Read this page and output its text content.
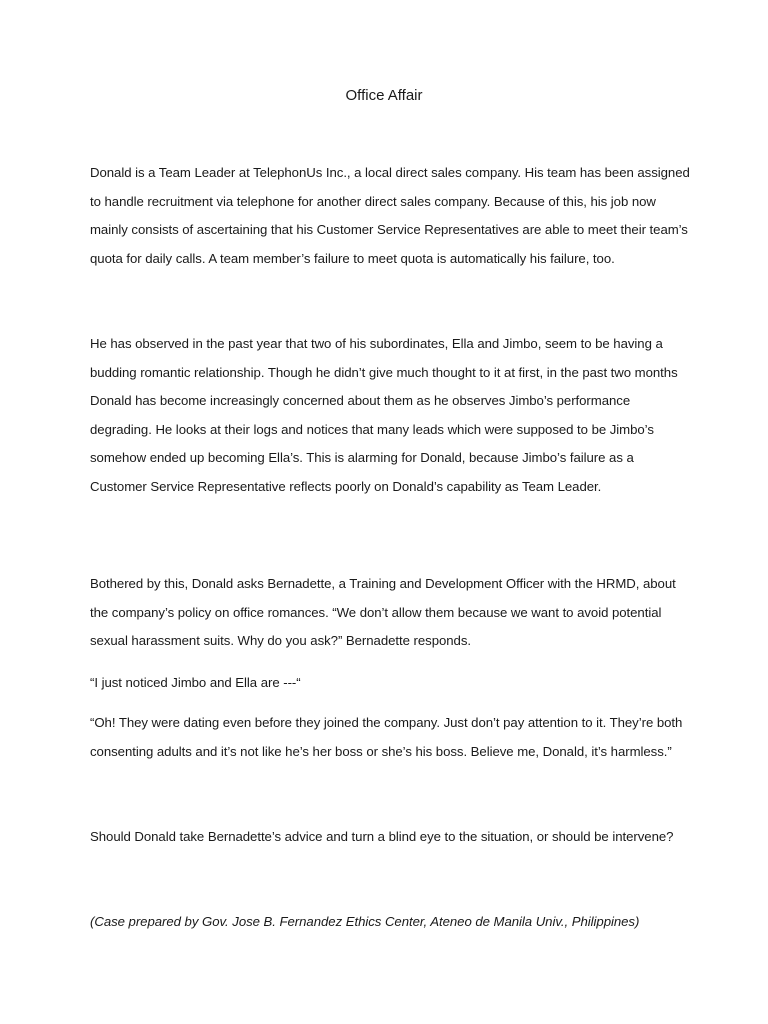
Office Affair

Donald is a Team Leader at TelephonUs Inc., a local direct sales company. His team has been assigned to handle recruitment via telephone for another direct sales company. Because of this, his job now mainly consists of ascertaining that his Customer Service Representatives are able to meet their team’s quota for daily calls. A team member’s failure to meet quota is automatically his failure, too.

He has observed in the past year that two of his subordinates, Ella and Jimbo, seem to be having a budding romantic relationship. Though he didn’t give much thought to it at first, in the past two months Donald has become increasingly concerned about them as he observes Jimbo’s performance degrading. He looks at their logs and notices that many leads which were supposed to be Jimbo’s somehow ended up becoming Ella’s. This is alarming for Donald, because Jimbo’s failure as a Customer Service Representative reflects poorly on Donald’s capability as Team Leader.

Bothered by this, Donald asks Bernadette, a Training and Development Officer with the HRMD, about the company’s policy on office romances. “We don’t allow them because we want to avoid potential sexual harassment suits. Why do you ask?” Bernadette responds.

“I just noticed Jimbo and Ella are ---“

“Oh! They were dating even before they joined the company. Just don’t pay attention to it. They’re both consenting adults and it’s not like he’s her boss or she’s his boss. Believe me, Donald, it’s harmless.”

Should Donald take Bernadette’s advice and turn a blind eye to the situation, or should be intervene?

(Case prepared by Gov. Jose B. Fernandez Ethics Center, Ateneo de Manila Univ., Philippines)
